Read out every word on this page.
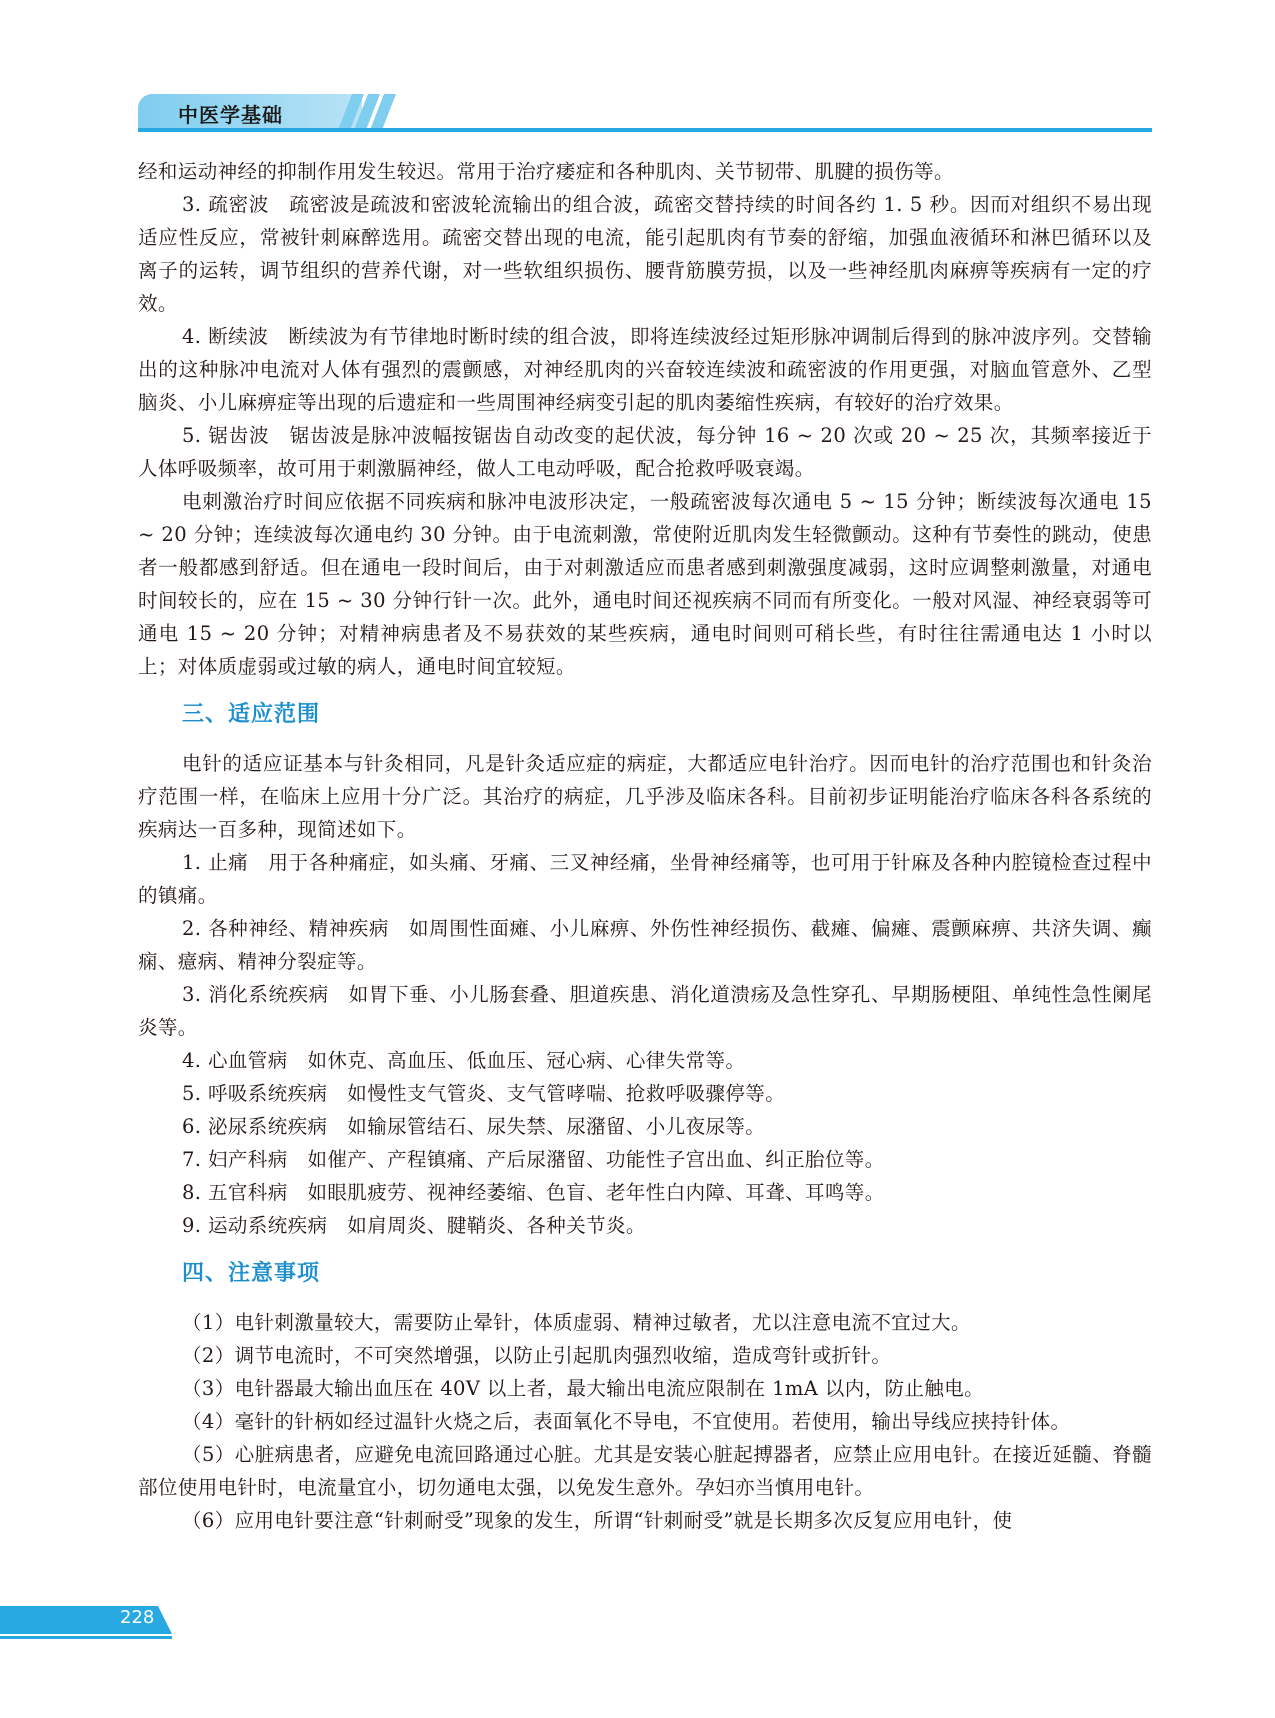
中医学基础

经和运动神经的抑制作用发生较迟。常用于治疗痿症和各种肌肉、关节韧带、肌腱的损伤等。

3. 疏密波　疏密波是疏波和密波轮流输出的组合波，疏密交替持续的时间各约 1. 5 秒。因而对组织不易出现适应性反应，常被针刺麻醉选用。疏密交替出现的电流，能引起肌肉有节奏的舒缩，加强血液循环和淋巴循环以及离子的运转，调节组织的营养代谢，对一些软组织损伤、腰背筋膜劳损，以及一些神经肌肉麻痹等疾病有一定的疗效。

4. 断续波　断续波为有节律地时断时续的组合波，即将连续波经过矩形脉冲调制后得到的脉冲波序列。交替输出的这种脉冲电流对人体有强烈的震颤感，对神经肌肉的兴奋较连续波和疏密波的作用更强，对脑血管意外、乙型脑炎、小儿麻痹症等出现的后遗症和一些周围神经病变引起的肌肉萎缩性疾病，有较好的治疗效果。

5. 锯齿波　锯齿波是脉冲波幅按锯齿自动改变的起伏波，每分钟 16 ~ 20 次或 20 ~ 25 次，其频率接近于人体呼吸频率，故可用于刺激膈神经，做人工电动呼吸，配合抢救呼吸衰竭。

电刺激治疗时间应依据不同疾病和脉冲电波形决定，一般疏密波每次通电 5 ~ 15 分钟；断续波每次通电 15 ~ 20 分钟；连续波每次通电约 30 分钟。由于电流刺激，常使附近肌肉发生轻微颤动。这种有节奏性的跳动，使患者一般都感到舒适。但在通电一段时间后，由于对刺激适应而患者感到刺激强度减弱，这时应调整刺激量，对通电时间较长的，应在 15 ~ 30 分钟行针一次。此外，通电时间还视疾病不同而有所变化。一般对风湿、神经衰弱等可通电 15 ~ 20 分钟；对精神病患者及不易获效的某些疾病，通电时间则可稍长些，有时往往需通电达 1 小时以上；对体质虚弱或过敏的病人，通电时间宜较短。

三、适应范围

电针的适应证基本与针灸相同，凡是针灸适应症的病症，大都适应电针治疗。因而电针的治疗范围也和针灸治疗范围一样，在临床上应用十分广泛。其治疗的病症，几乎涉及临床各科。目前初步证明能治疗临床各科各系统的疾病达一百多种，现简述如下。

1. 止痛　用于各种痛症，如头痛、牙痛、三叉神经痛，坐骨神经痛等，也可用于针麻及各种内腔镜检查过程中的镇痛。

2. 各种神经、精神疾病　如周围性面瘫、小儿麻痹、外伤性神经损伤、截瘫、偏瘫、震颤麻痹、共济失调、癫痫、癔病、精神分裂症等。

3. 消化系统疾病　如胃下垂、小儿肠套叠、胆道疾患、消化道溃疡及急性穿孔、早期肠梗阻、单纯性急性阑尾炎等。

4. 心血管病　如休克、高血压、低血压、冠心病、心律失常等。

5. 呼吸系统疾病　如慢性支气管炎、支气管哮喘、抢救呼吸骤停等。

6. 泌尿系统疾病　如输尿管结石、尿失禁、尿潴留、小儿夜尿等。

7. 妇产科病　如催产、产程镇痛、产后尿潴留、功能性子宫出血、纠正胎位等。

8. 五官科病　如眼肌疲劳、视神经萎缩、色盲、老年性白内障、耳聋、耳鸣等。

9. 运动系统疾病　如肩周炎、腱鞘炎、各种关节炎。

四、注意事项

（1）电针刺激量较大，需要防止晕针，体质虚弱、精神过敏者，尤以注意电流不宜过大。

（2）调节电流时，不可突然增强，以防止引起肌肉强烈收缩，造成弯针或折针。

（3）电针器最大输出血压在 40V 以上者，最大输出电流应限制在 1mA 以内，防止触电。

（4）毫针的针柄如经过温针火烧之后，表面氧化不导电，不宜使用。若使用，输出导线应挟持针体。

（5）心脏病患者，应避免电流回路通过心脏。尤其是安装心脏起搏器者，应禁止应用电针。在接近延髓、脊髓部位使用电针时，电流量宜小，切勿通电太强，以免发生意外。孕妇亦当慎用电针。

（6）应用电针要注意“针刺耐受”现象的发生，所谓“针刺耐受”就是长期多次反复应用电针，使

228
